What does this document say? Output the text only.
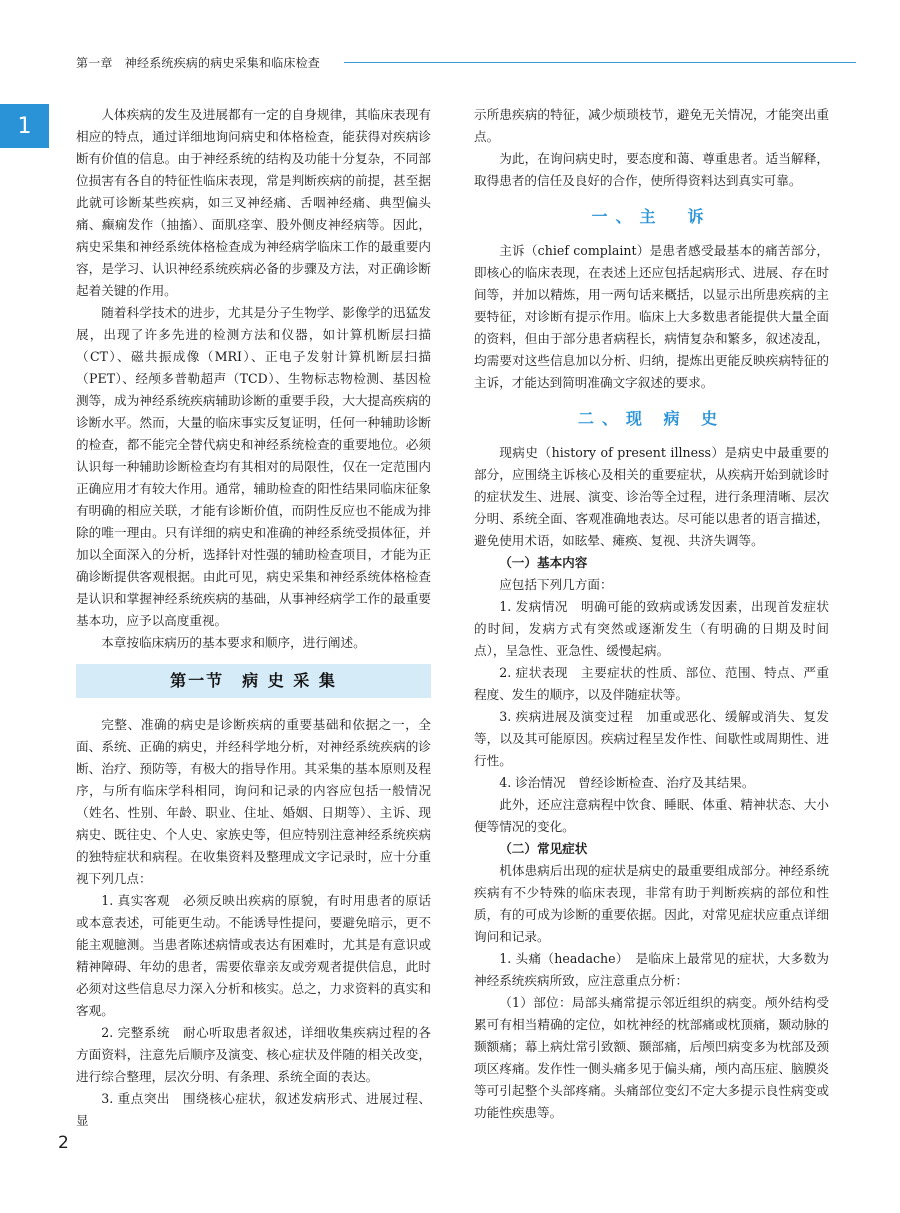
第一章　神经系统疾病的病史采集和临床检查
1	人体疾病的发生及进展都有一定的自身规律，其临床表现有相应的特点，通过详细地询问病史和体格检查，能获得对疾病诊断有价值的信息。由于神经系统的结构及功能十分复杂，不同部位损害有各自的特征性临床表现，常是判断疾病的前提，甚至据此就可诊断某些疾病，如三叉神经痛、舌咽神经痛、典型偏头痛、癫痫发作（抽搐）、面肌痉挛、股外侧皮神经病等。因此，病史采集和神经系统体格检查成为神经病学临床工作的最重要内容，是学习、认识神经系统疾病必备的步骤及方法，对正确诊断起着关键的作用。

随着科学技术的进步，尤其是分子生物学、影像学的迅猛发展，出现了许多先进的检测方法和仪器，如计算机断层扫描（CT）、磁共振成像（MRI）、正电子发射计算机断层扫描（PET）、经颅多普勒超声（TCD）、生物标志物检测、基因检测等，成为神经系统疾病辅助诊断的重要手段，大大提高疾病的诊断水平。然而，大量的临床事实反复证明，任何一种辅助诊断的检查，都不能完全替代病史和神经系统检查的重要地位。必须认识每一种辅助诊断检查均有其相对的局限性，仅在一定范围内正确应用才有较大作用。通常，辅助检查的阳性结果同临床征象有明确的相应关联，才能有诊断价值，而阴性反应也不能成为排除的唯一理由。只有详细的病史和准确的神经系统受损体征，并加以全面深入的分析，选择针对性强的辅助检查项目，才能为正确诊断提供客观根据。由此可见，病史采集和神经系统体格检查是认识和掌握神经系统疾病的基础，从事神经病学工作的最重要基本功，应予以高度重视。

本章按临床病历的基本要求和顺序，进行阐述。

第一节　病 史 采 集

完整、准确的病史是诊断疾病的重要基础和依据之一，全面、系统、正确的病史，并经科学地分析，对神经系统疾病的诊断、治疗、预防等，有极大的指导作用。其采集的基本原则及程序，与所有临床学科相同，询问和记录的内容应包括一般情况（姓名、性别、年龄、职业、住址、婚姻、日期等）、主诉、现病史、既往史、个人史、家族史等，但应特别注意神经系统疾病的独特症状和病程。在收集资料及整理成文字记录时，应十分重视下列几点：

1. 真实客观　必须反映出疾病的原貌，有时用患者的原话或本意表述，可能更生动。不能诱导性提问，要避免暗示，更不能主观臆测。当患者陈述病情或表达有困难时，尤其是有意识或精神障碍、年幼的患者，需要依靠亲友或旁观者提供信息，此时必须对这些信息尽力深入分析和核实。总之，力求资料的真实和客观。

2. 完整系统　耐心听取患者叙述，详细收集疾病过程的各方面资料，注意先后顺序及演变、核心症状及伴随的相关改变，进行综合整理，层次分明、有条理、系统全面的表达。

3. 重点突出　围绕核心症状，叙述发病形式、进展过程、显

示所患疾病的特征，减少烦琐枝节，避免无关情况，才能突出重点。

为此，在询问病史时，要态度和蔼、尊重患者。适当解释，取得患者的信任及良好的合作，使所得资料达到真实可靠。

一、主　诉

主诉（chief complaint）是患者感受最基本的痛苦部分，即核心的临床表现，在表述上还应包括起病形式、进展、存在时间等，并加以精炼，用一两句话来概括，以显示出所患疾病的主要特征，对诊断有提示作用。临床上大多数患者能提供大量全面的资料，但由于部分患者病程长，病情复杂和繁多，叙述凌乱，均需要对这些信息加以分析、归纳，提炼出更能反映疾病特征的主诉，才能达到简明准确文字叙述的要求。

二、现 病 史

现病史（history of present illness）是病史中最重要的部分，应围绕主诉核心及相关的重要症状，从疾病开始到就诊时的症状发生、进展、演变、诊治等全过程，进行条理清晰、层次分明、系统全面、客观准确地表达。尽可能以患者的语言描述，避免使用术语，如眩晕、瘫痪、复视、共济失调等。

（一）基本内容

应包括下列几方面：

1. 发病情况　明确可能的致病或诱发因素，出现首发症状的时间，发病方式有突然或逐渐发生（有明确的日期及时间点），呈急性、亚急性、缓慢起病。

2. 症状表现　主要症状的性质、部位、范围、特点、严重程度、发生的顺序，以及伴随症状等。

3. 疾病进展及演变过程　加重或恶化、缓解或消失、复发等，以及其可能原因。疾病过程呈发作性、间歇性或周期性、进行性。

4. 诊治情况　曾经诊断检查、治疗及其结果。

此外，还应注意病程中饮食、睡眠、体重、精神状态、大小便等情况的变化。

（二）常见症状

机体患病后出现的症状是病史的最重要组成部分。神经系统疾病有不少特殊的临床表现，非常有助于判断疾病的部位和性质，有的可成为诊断的重要依据。因此，对常见症状应重点详细询问和记录。

1. 头痛（headache）　是临床上最常见的症状，大多数为神经系统疾病所致，应注意重点分析：

（1）部位：局部头痛常提示邻近组织的病变。颅外结构受累可有相当精确的定位，如枕神经的枕部痛或枕顶痛，颞动脉的颞额痛；幕上病灶常引致额、颞部痛，后颅凹病变多为枕部及颈项区疼痛。发作性一侧头痛多见于偏头痛，颅内高压症、脑膜炎等可引起整个头部疼痛。头痛部位变幻不定大多提示良性病变或功能性疾患等。

2
